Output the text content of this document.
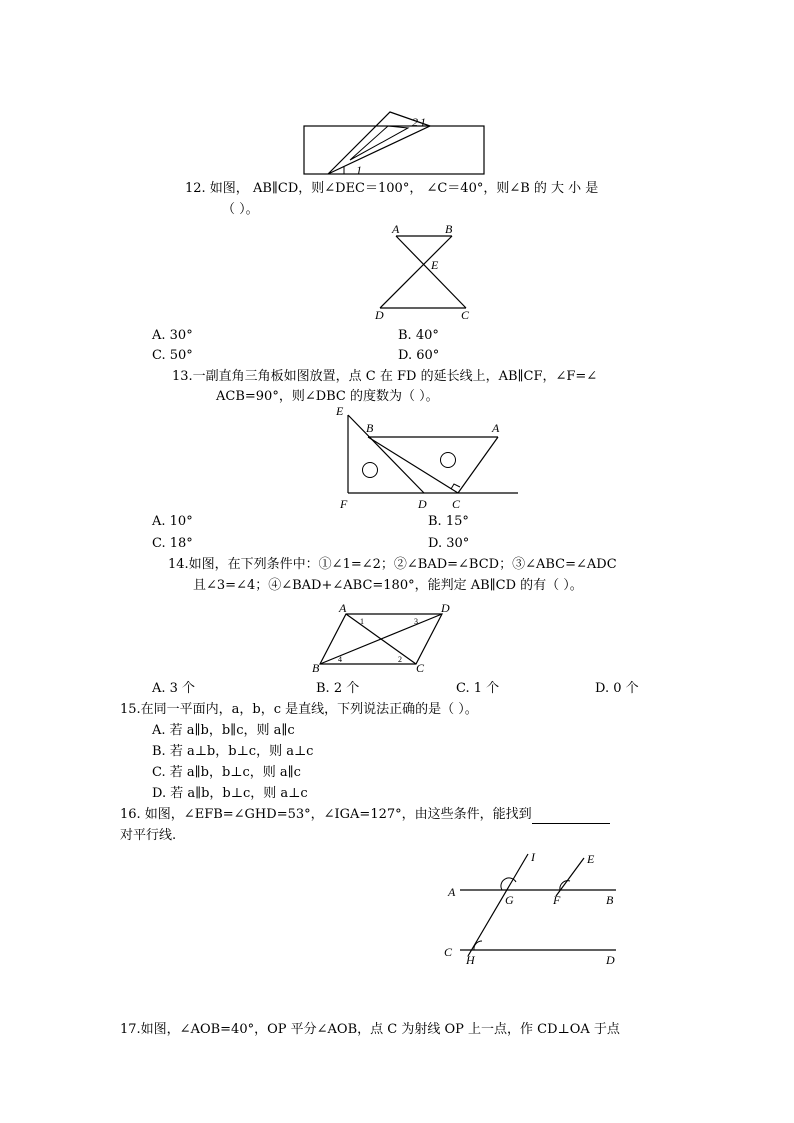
2 1
1
12. 如图， AB∥CD，则∠DEC＝100°， ∠C＝40°，则∠B 的 大 小 是
（ ）。
A	B
E
D	C
A. 30°	B. 40°
C. 50°	D. 60°
13.一副直角三角板如图放置，点 C 在 FD 的延长线上，AB∥CF，∠F=∠
ACB=90°，则∠DBC 的度数为（ ）。
E
B	A
F	D C
A. 10°	B. 15°
C. 18°	D. 30°
14.如图，在下列条件中：①∠1=∠2；②∠BAD=∠BCD；③∠ABC=∠ADC
且∠3=∠4；④∠BAD+∠ABC=180°，能判定 AB∥CD 的有（ ）。
A	D
B	C
1	3
4	2
A. 3 个	B. 2 个	C. 1 个	D. 0 个
15.在同一平面内，a，b，c 是直线，下列说法正确的是（ ）。
A. 若 a∥b，b∥c，则 a∥c
B. 若 a⊥b，b⊥c，则 a⊥c
C. 若 a∥b，b⊥c，则 a∥c
D. 若 a∥b，b⊥c，则 a⊥c
16. 如图，∠EFB=∠GHD=53°，∠IGA=127°，由这些条件，能找到
对平行线.
I	E
A
G	F	B
C
H	D
17.如图，∠AOB=40°，OP 平分∠AOB，点 C 为射线 OP 上一点，作 CD⊥OA 于点
